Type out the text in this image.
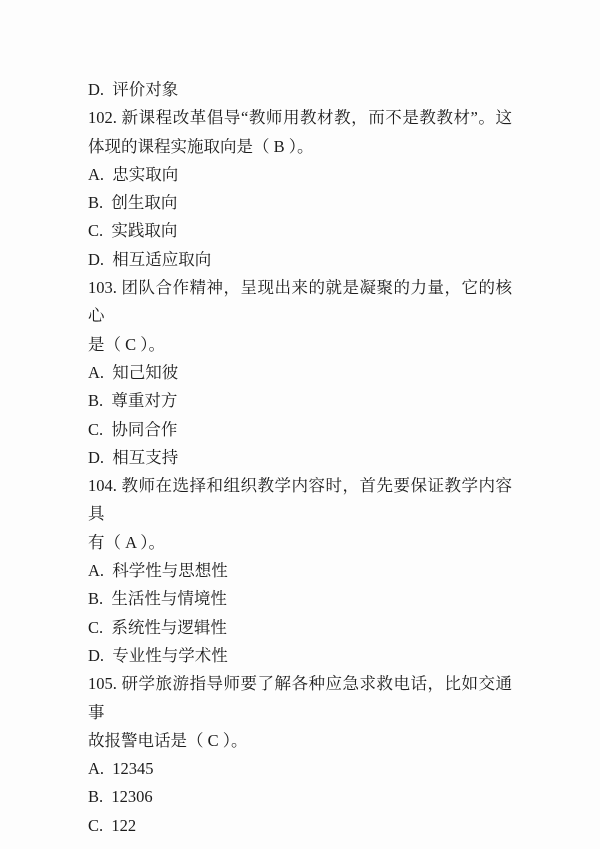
D.  评价对象
102. 新课程改革倡导“教师用教材教，而不是教教材”。这
体现的课程实施取向是（ B ）。
A.  忠实取向
B.  创生取向
C.  实践取向
D.  相互适应取向
103. 团队合作精神，呈现出来的就是凝聚的力量，它的核心
是（ C ）。
A.  知己知彼
B.  尊重对方
C.  协同合作
D.  相互支持
104. 教师在选择和组织教学内容时，首先要保证教学内容具
有（ A ）。
A.  科学性与思想性
B.  生活性与情境性
C.  系统性与逻辑性
D.  专业性与学术性
105. 研学旅游指导师要了解各种应急求救电话，比如交通事
故报警电话是（ C ）。
A.  12345
B.  12306
C.  122
